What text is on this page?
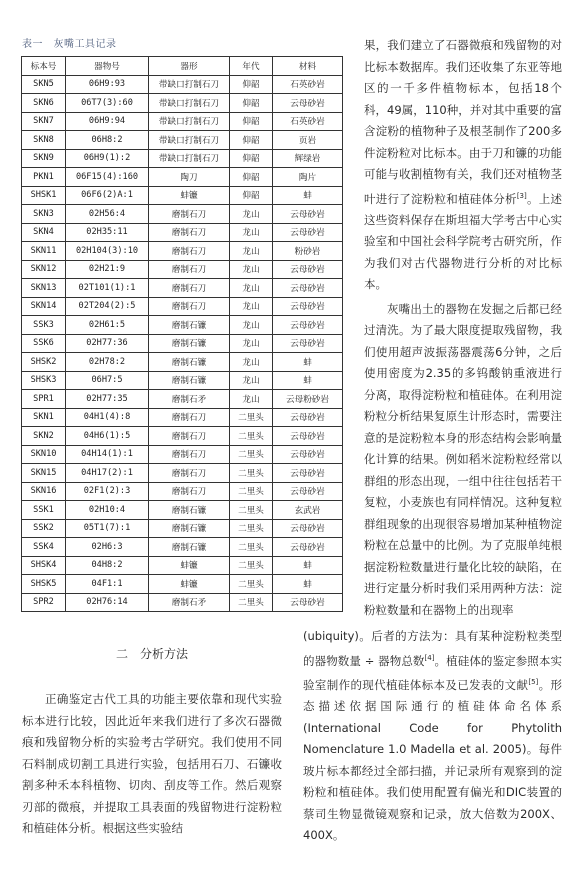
表一　灰嘴工具记录
标本号	器物号	器形	年代	材料
SKN5	06H9:93	带缺口打制石刀	仰韶	石英砂岩
SKN6	06T7(3):60	带缺口打制石刀	仰韶	云母砂岩
SKN7	06H9:94	带缺口打制石刀	仰韶	石英砂岩
SKN8	06H8:2	带缺口打制石刀	仰韶	页岩
SKN9	06H9(1):2	带缺口打制石刀	仰韶	辉绿岩
PKN1	06F15(4):160	陶刀	仰韶	陶片
SHSK1	06F6(2)A:1	蚌镰	仰韶	蚌
SKN3	02H56:4	磨制石刀	龙山	云母砂岩
SKN4	02H35:11	磨制石刀	龙山	云母砂岩
SKN11	02H104(3):10	磨制石刀	龙山	粉砂岩
SKN12	02H21:9	磨制石刀	龙山	云母砂岩
SKN13	02T101(1):1	磨制石刀	龙山	云母砂岩
SKN14	02T204(2):5	磨制石刀	龙山	云母砂岩
SSK3	02H61:5	磨制石镰	龙山	云母砂岩
SSK6	02H77:36	磨制石镰	龙山	云母砂岩
SHSK2	02H78:2	磨制石镰	龙山	蚌
SHSK3	06H7:5	磨制石镰	龙山	蚌
SPR1	02H77:35	磨制石矛	龙山	云母粉砂岩
SKN1	04H1(4):8	磨制石刀	二里头	云母砂岩
SKN2	04H6(1):5	磨制石刀	二里头	云母砂岩
SKN10	04H14(1):1	磨制石刀	二里头	云母砂岩
SKN15	04H17(2):1	磨制石刀	二里头	云母砂岩
SKN16	02F1(2):3	磨制石刀	二里头	云母砂岩
SSK1	02H10:4	磨制石镰	二里头	玄武岩
SSK2	05T1(7):1	磨制石镰	二里头	云母砂岩
SSK4	02H6:3	磨制石镰	二里头	云母砂岩
SHSK4	04H8:2	蚌镰	二里头	蚌
SHSK5	04F1:1	蚌镰	二里头	蚌
SPR2	02H76:14	磨制石矛	二里头	云母砂岩

果，我们建立了石器微痕和残留物的对比标本数据库。我们还收集了东亚等地区的一千多件植物标本，包括18个科，49属，110种，并对其中重要的富含淀粉的植物种子及根茎制作了200多件淀粉粒对比标本。由于刀和镰的功能可能与收割植物有关，我们还对植物茎叶进行了淀粉粒和植硅体分析[3]。上述这些资料保存在斯坦福大学考古中心实验室和中国社会科学院考古研究所，作为我们对古代器物进行分析的对比标本。

灰嘴出土的器物在发掘之后都已经过清洗。为了最大限度提取残留物，我们使用超声波振荡器震荡6分钟，之后使用密度为2.35的多钨酸钠重液进行分离，取得淀粉粒和植硅体。在利用淀粉粒分析结果复原生计形态时，需要注意的是淀粉粒本身的形态结构会影响量化计算的结果。例如稻米淀粉粒经常以群组的形态出现，一组中往往包括若干复粒，小麦族也有同样情况。这种复粒群组现象的出现很容易增加某种植物淀粉粒在总量中的比例。为了克服单纯根据淀粉粒数量进行量化比较的缺陷，在进行定量分析时我们采用两种方法：淀粉粒数量和在器物上的出现率

(ubiquity)。后者的方法为：具有某种淀粉粒类型的器物数量 ÷ 器物总数[4]。植硅体的鉴定参照本实验室制作的现代植硅体标本及已发表的文献[5]。形态描述依据国际通行的植硅体命名体系 (International Code for Phytolith Nomenclature 1.0 Madella et al. 2005)。每件玻片标本都经过全部扫描，并记录所有观察到的淀粉粒和植硅体。我们使用配置有偏光和DIC装置的蔡司生物显微镜观察和记录，放大倍数为200X、400X。

二　分析方法

正确鉴定古代工具的功能主要依靠和现代实验标本进行比较，因此近年来我们进行了多次石器微痕和残留物分析的实验考古学研究。我们使用不同石料制成切割工具进行实验，包括用石刀、石镰收割多种禾本科植物、切肉、刮皮等工作。然后观察刃部的微痕，并提取工具表面的残留物进行淀粉粒和植硅体分析。根据这些实验结
